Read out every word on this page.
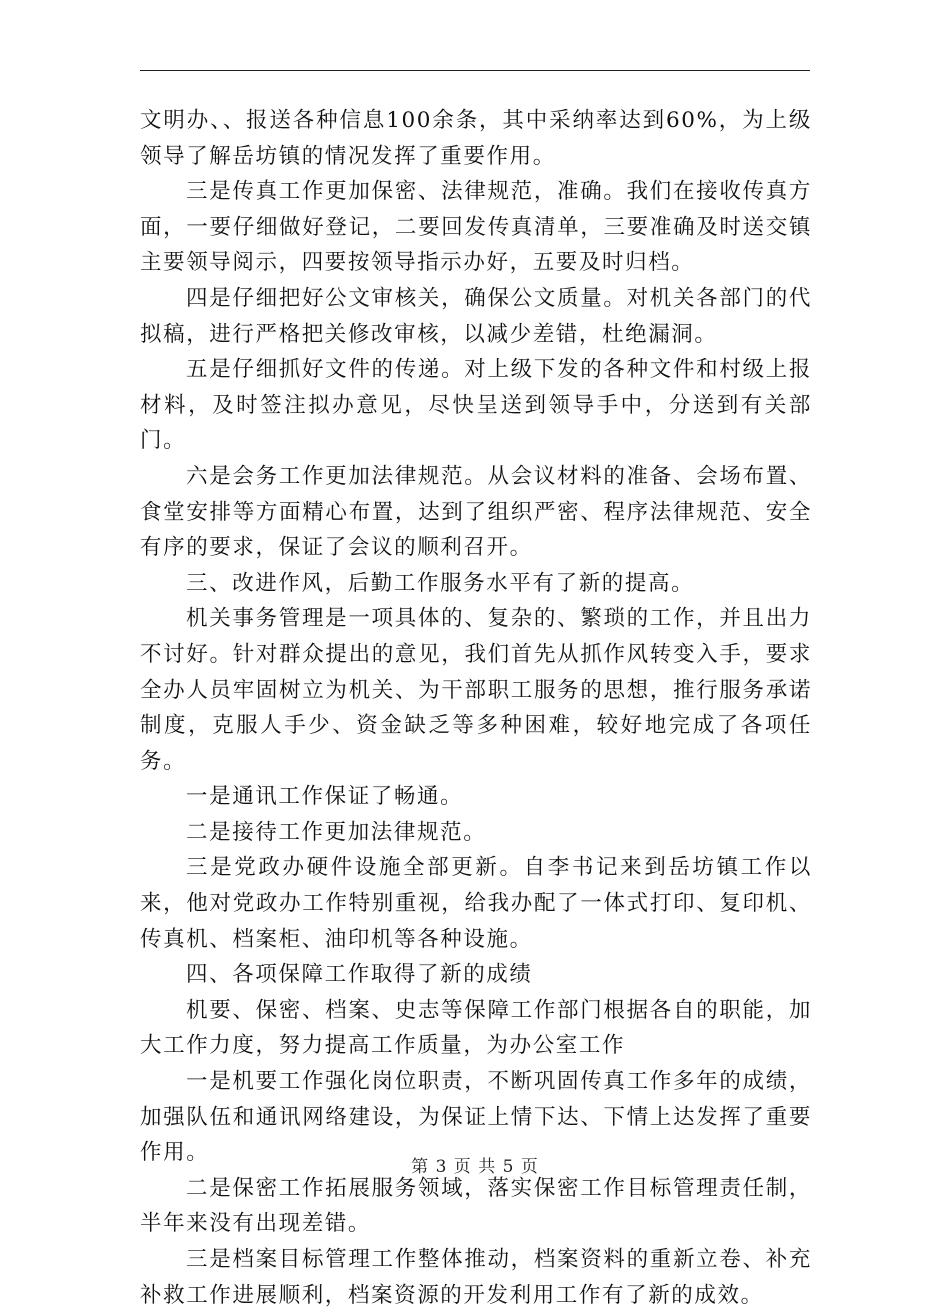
文明办、、报送各种信息100余条，其中采纳率达到60%，为上级领导了解岳坊镇的情况发挥了重要作用。

三是传真工作更加保密、法律规范，准确。我们在接收传真方面，一要仔细做好登记，二要回发传真清单，三要准确及时送交镇主要领导阅示，四要按领导指示办好，五要及时归档。

四是仔细把好公文审核关，确保公文质量。对机关各部门的代拟稿，进行严格把关修改审核，以减少差错，杜绝漏洞。

五是仔细抓好文件的传递。对上级下发的各种文件和村级上报材料，及时签注拟办意见，尽快呈送到领导手中，分送到有关部门。

六是会务工作更加法律规范。从会议材料的准备、会场布置、食堂安排等方面精心布置，达到了组织严密、程序法律规范、安全有序的要求，保证了会议的顺利召开。

三、改进作风，后勤工作服务水平有了新的提高。

机关事务管理是一项具体的、复杂的、繁琐的工作，并且出力不讨好。针对群众提出的意见，我们首先从抓作风转变入手，要求全办人员牢固树立为机关、为干部职工服务的思想，推行服务承诺制度，克服人手少、资金缺乏等多种困难，较好地完成了各项任务。

一是通讯工作保证了畅通。

二是接待工作更加法律规范。

三是党政办硬件设施全部更新。自李书记来到岳坊镇工作以来，他对党政办工作特别重视，给我办配了一体式打印、复印机、传真机、档案柜、油印机等各种设施。

四、各项保障工作取得了新的成绩

机要、保密、档案、史志等保障工作部门根据各自的职能，加大工作力度，努力提高工作质量，为办公室工作

一是机要工作强化岗位职责，不断巩固传真工作多年的成绩，加强队伍和通讯网络建设，为保证上情下达、下情上达发挥了重要作用。

二是保密工作拓展服务领域，落实保密工作目标管理责任制，半年来没有出现差错。

三是档案目标管理工作整体推动，档案资料的重新立卷、补充补救工作进展顺利，档案资源的开发利用工作有了新的成效。

第 3 页 共 5 页
